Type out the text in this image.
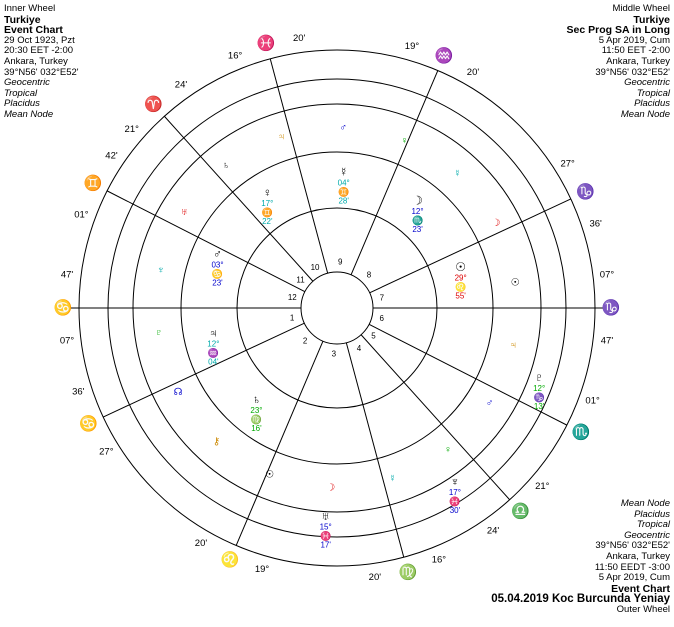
Inner Wheel
Turkiye
Event Chart
29 Oct 1923, Pzt
20:30 EET -2:00
Ankara, Turkey
39°N56' 032°E52'
Geocentric
Tropical
Placidus
Mean Node
Middle Wheel
Turkiye
Sec Prog SA in Long
5 Apr 2019, Cum
11:50 EET -2:00
Ankara, Turkey
39°N56' 032°E52'
Geocentric
Tropical
Placidus
Mean Node
Mean Node
Placidus
Tropical
Geocentric
39°N56' 032°E52'
Ankara, Turkey
11:50 EEDT -3:00
5 Apr 2019, Cum
Event Chart
05.04.2019 Koc Burcunda Yeniay
Outer Wheel
1
2
3
4
5
6
7
8
9
10
11
12
07°
♋
47'
27°
♋
36'
19°
♌
20'
16°
♍
20'
21°
♎
24'
01°
♏
07°
♑
47'
27°
♑
36'
19°
♒
20'
16°
♓ 20'
21°
♈
24'
01°
♊
42'
☉
29°
♌
55'
☽
12°
♏
23'
☿
04°
♊
28'
♀
17°
♊
22'
♂
03°
♋
23'
♃
12°
♒
04'
♄
23°
♍
16'
♅
15°
♓
17'
♆
17°
♓
30'
♇
12°
♑
13'
☉
☽
☿
♀
♂
♃
♄
♅
♆
♇
☊
⚷
☉
☽
☿
♀
♂
♃
